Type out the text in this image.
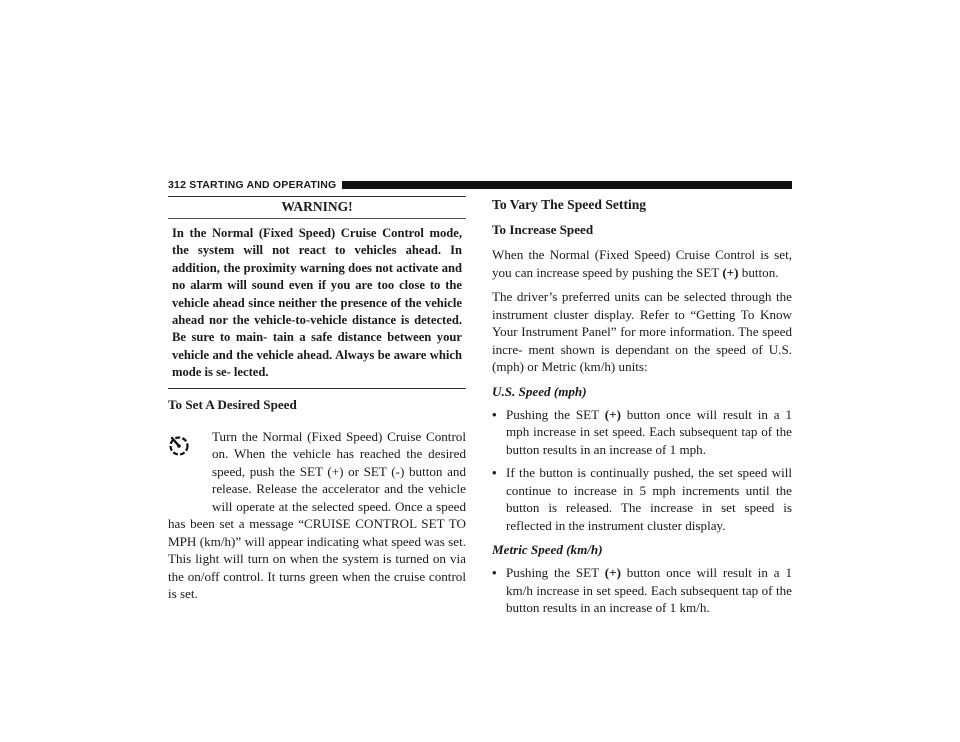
312 STARTING AND OPERATING
WARNING!

In the Normal (Fixed Speed) Cruise Control mode, the system will not react to vehicles ahead. In addition, the proximity warning does not activate and no alarm will sound even if you are too close to the vehicle ahead since neither the presence of the vehicle ahead nor the vehicle-to-vehicle distance is detected. Be sure to main- tain a safe distance between your vehicle and the vehicle ahead. Always be aware which mode is se- lected.

To Set A Desired Speed

Turn the Normal (Fixed Speed) Cruise Control on. When the vehicle has reached the desired speed, push the SET (+) or SET (-) button and release. Release the accelerator and the vehicle will operate at the selected speed. Once a speed has been set a message “CRUISE CONTROL SET TO MPH (km/h)” will appear indicating what speed was set. This light will turn on when the system is turned on via the on/off control. It turns green when the cruise control is set.

To Vary The Speed Setting
To Increase Speed

When the Normal (Fixed Speed) Cruise Control is set, you can increase speed by pushing the SET (+) button.

The driver’s preferred units can be selected through the instrument cluster display. Refer to “Getting To Know Your Instrument Panel” for more information. The speed incre- ment shown is dependant on the speed of U.S. (mph) or Metric (km/h) units:

U.S. Speed (mph)
• Pushing the SET (+) button once will result in a 1 mph increase in set speed. Each subsequent tap of the button results in an increase of 1 mph.
• If the button is continually pushed, the set speed will continue to increase in 5 mph increments until the button is released. The increase in set speed is reflected in the instrument cluster display.
Metric Speed (km/h)
• Pushing the SET (+) button once will result in a 1 km/h increase in set speed. Each subsequent tap of the button results in an increase of 1 km/h.
